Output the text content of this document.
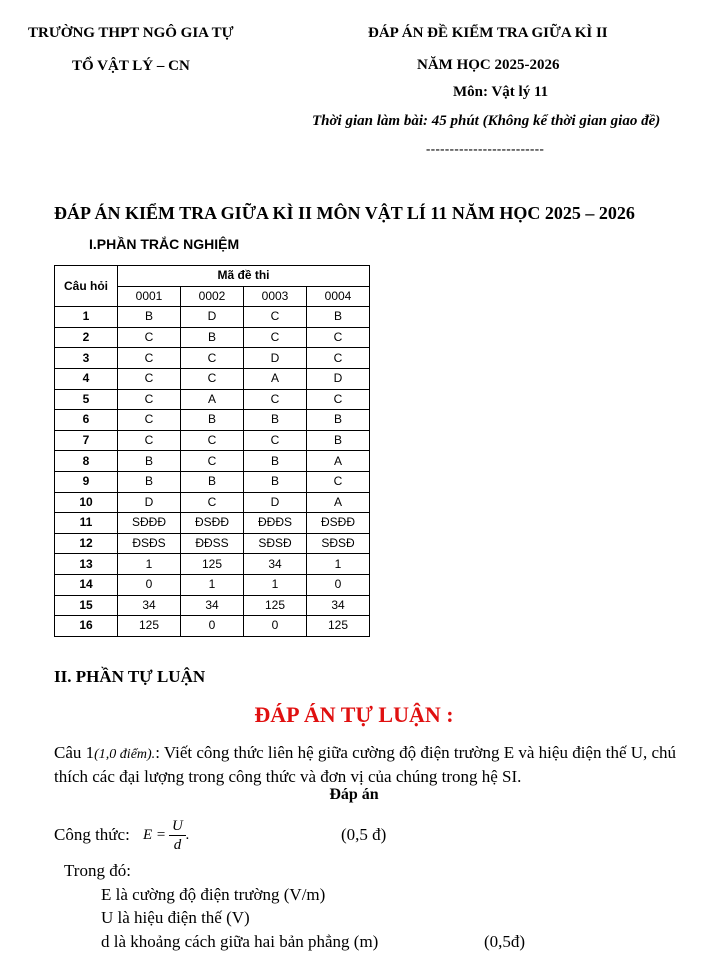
TRƯỜNG THPT NGÔ GIA TỰ
TỔ VẬT LÝ – CN
ĐÁP ÁN ĐỀ KIỂM TRA GIỮA KÌ II
NĂM HỌC 2025-2026
Môn: Vật lý 11
Thời gian làm bài: 45 phút (Không kể thời gian giao đề)
-------------------------
ĐÁP ÁN KIỂM TRA GIỮA KÌ II MÔN VẬT LÍ 11 NĂM HỌC 2025 – 2026
I.PHẦN TRẮC NGHIỆM
Câu hỏi	Mã đề thi			
	0001	0002	0003	0004
1	B	D	C	B
2	C	B	C	C
3	C	C	D	C
4	C	C	A	D
5	C	A	C	C
6	C	B	B	B
7	C	C	C	B
8	B	C	B	A
9	B	B	B	C
10	D	C	D	A
11	SĐĐĐ	ĐSĐĐ	ĐĐĐS	ĐSĐĐ
12	ĐSĐS	ĐĐSS	SĐSĐ	SĐSĐ
13	1	125	34	1
14	0	1	1	0
15	34	34	125	34
16	125	0	0	125
II. PHẦN TỰ LUẬN
ĐÁP ÁN TỰ LUẬN :
Câu 1(1,0 điểm).: Viết công thức liên hệ giữa cường độ điện trường E và hiệu điện thế U, chú thích các đại lượng trong công thức và đơn vị của chúng trong hệ SI.
Đáp án
Công thức: $E = \frac{U}{d}$ .	(0,5 đ)
Trong đó:
E là cường độ điện trường (V/m)
U là hiệu điện thế (V)
d là khoảng cách giữa hai bản phẳng (m)	(0,5đ)
